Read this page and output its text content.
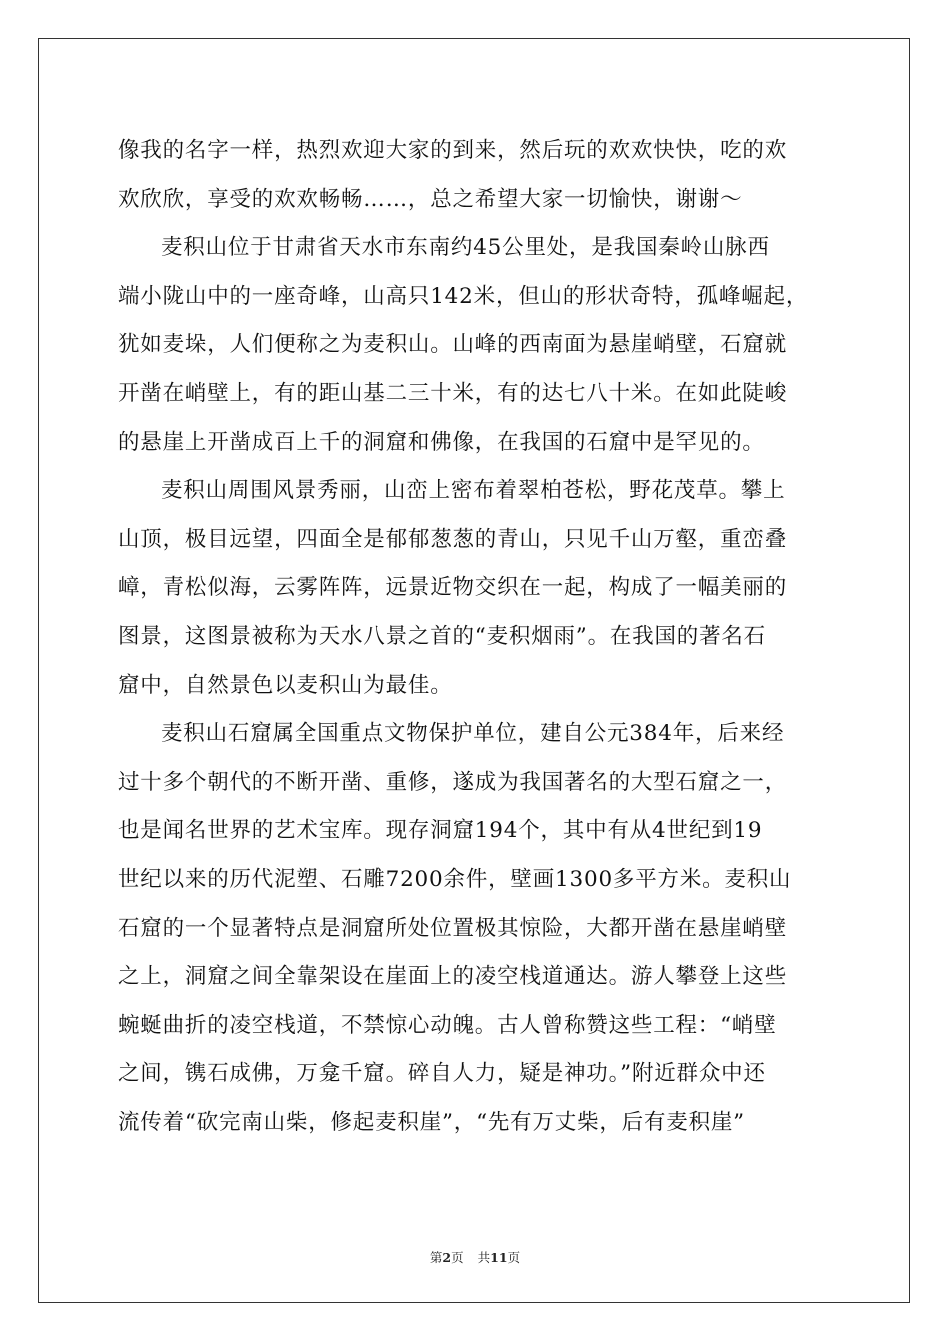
像我的名字一样，热烈欢迎大家的到来，然后玩的欢欢快快，吃的欢
欢欣欣，享受的欢欢畅畅……，总之希望大家一切愉快，谢谢～
麦积山位于甘肃省天水市东南约45公里处，是我国秦岭山脉西
端小陇山中的一座奇峰，山高只142米，但山的形状奇特，孤峰崛起，
犹如麦垛，人们便称之为麦积山。山峰的西南面为悬崖峭壁，石窟就
开凿在峭壁上，有的距山基二三十米，有的达七八十米。在如此陡峻
的悬崖上开凿成百上千的洞窟和佛像，在我国的石窟中是罕见的。
麦积山周围风景秀丽，山峦上密布着翠柏苍松，野花茂草。攀上
山顶，极目远望，四面全是郁郁葱葱的青山，只见千山万壑，重峦叠
嶂，青松似海，云雾阵阵，远景近物交织在一起，构成了一幅美丽的
图景，这图景被称为天水八景之首的“麦积烟雨”。在我国的著名石
窟中，自然景色以麦积山为最佳。
麦积山石窟属全国重点文物保护单位，建自公元384年，后来经
过十多个朝代的不断开凿、重修，遂成为我国著名的大型石窟之一，
也是闻名世界的艺术宝库。现存洞窟194个，其中有从4世纪到19
世纪以来的历代泥塑、石雕7200余件，壁画1300多平方米。麦积山
石窟的一个显著特点是洞窟所处位置极其惊险，大都开凿在悬崖峭壁
之上，洞窟之间全靠架设在崖面上的凌空栈道通达。游人攀登上这些
蜿蜒曲折的凌空栈道，不禁惊心动魄。古人曾称赞这些工程：“峭壁
之间，镌石成佛，万龛千窟。碎自人力，疑是神功。”附近群众中还
流传着“砍完南山柴，修起麦积崖”，“先有万丈柴，后有麦积崖”
第2页 共11页
